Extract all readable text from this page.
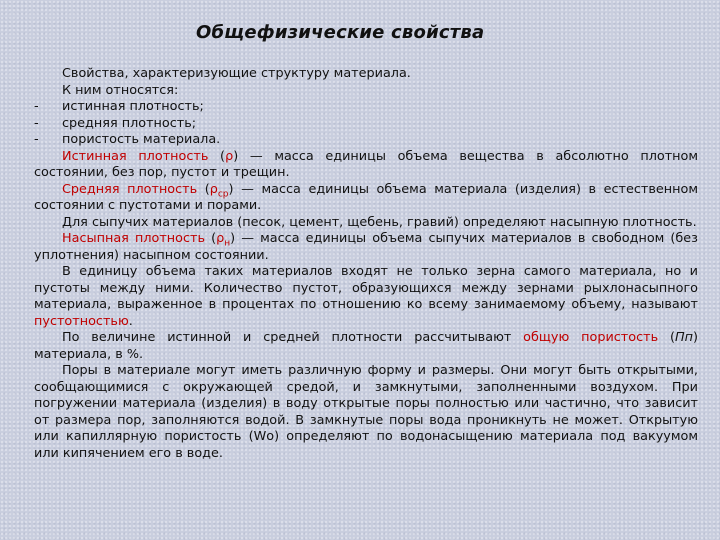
Общефизические свойства

Свойства, характеризующие структуру материала.

К ним относятся:

- истинная плотность;
- средняя плотность;
- пористость материала.

Истинная плотность (ρ) — масса единицы объема вещества в абсолютно плотном состоянии, без пор, пустот и трещин.

Средняя плотность $(\rho_{ср})$ — масса единицы объема материала (изделия) в естественном состоянии с пустотами и порами.

Для сыпучих материалов (песок, цемент, щебень, гравий) определяют насыпную плотность.

Насыпная плотность $(\rho_н)$ — масса единицы объема сыпучих материалов в свободном (без уплотнения) насыпном состоянии.

В единицу объема таких материалов входят не только зерна самого материала, но и пустоты между ними. Количество пустот, образующихся между зернами рыхлонасыпного материала, выраженное в процентах по отношению ко всему занимаемому объему, называют пустотностью.

По величине истинной и средней плотности рассчитывают общую пористость (Пп) материала, в %.

Поры в материале могут иметь различную форму и размеры. Они могут быть открытыми, сообщающимися с окружающей средой, и замкнутыми, заполненными воздухом. При погружении материала (изделия) в воду открытые поры полностью или частично, что зависит от размера пор, заполняются водой. В замкнутые поры вода проникнуть не может. Открытую или капиллярную пористость (Wо) определяют по водонасыщению материала под вакуумом или кипячением его в воде.
